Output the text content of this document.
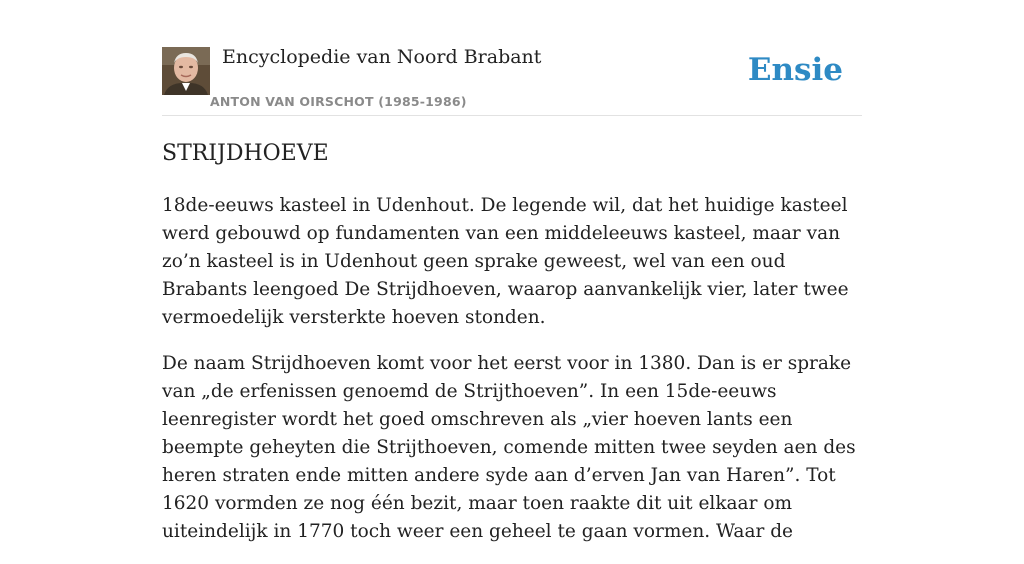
Encyclopedie van Noord Brabant
ANTON VAN OIRSCHOT (1985-1986)
Ensie
STRIJDHOEVE

18de-eeuws kasteel in Udenhout. De legende wil, dat het huidige kasteel werd gebouwd op fundamenten van een middeleeuws kasteel, maar van zo’n kasteel is in Udenhout geen sprake geweest, wel van een oud Brabants leengoed De Strijdhoeven, waarop aanvankelijk vier, later twee vermoedelijk versterkte hoeven stonden.

De naam Strijdhoeven komt voor het eerst voor in 1380. Dan is er sprake van „de erfenissen genoemd de Strijthoeven”. In een 15de-eeuws leenregister wordt het goed omschreven als „vier hoeven lants een beempte geheyten die Strijthoeven, comende mitten twee seyden aen des heren straten ende mitten andere syde aan d’erven Jan van Haren”. Tot 1620 vormden ze nog één bezit, maar toen raakte dit uit elkaar om uiteindelijk in 1770 toch weer een geheel te gaan vormen. Waar de
